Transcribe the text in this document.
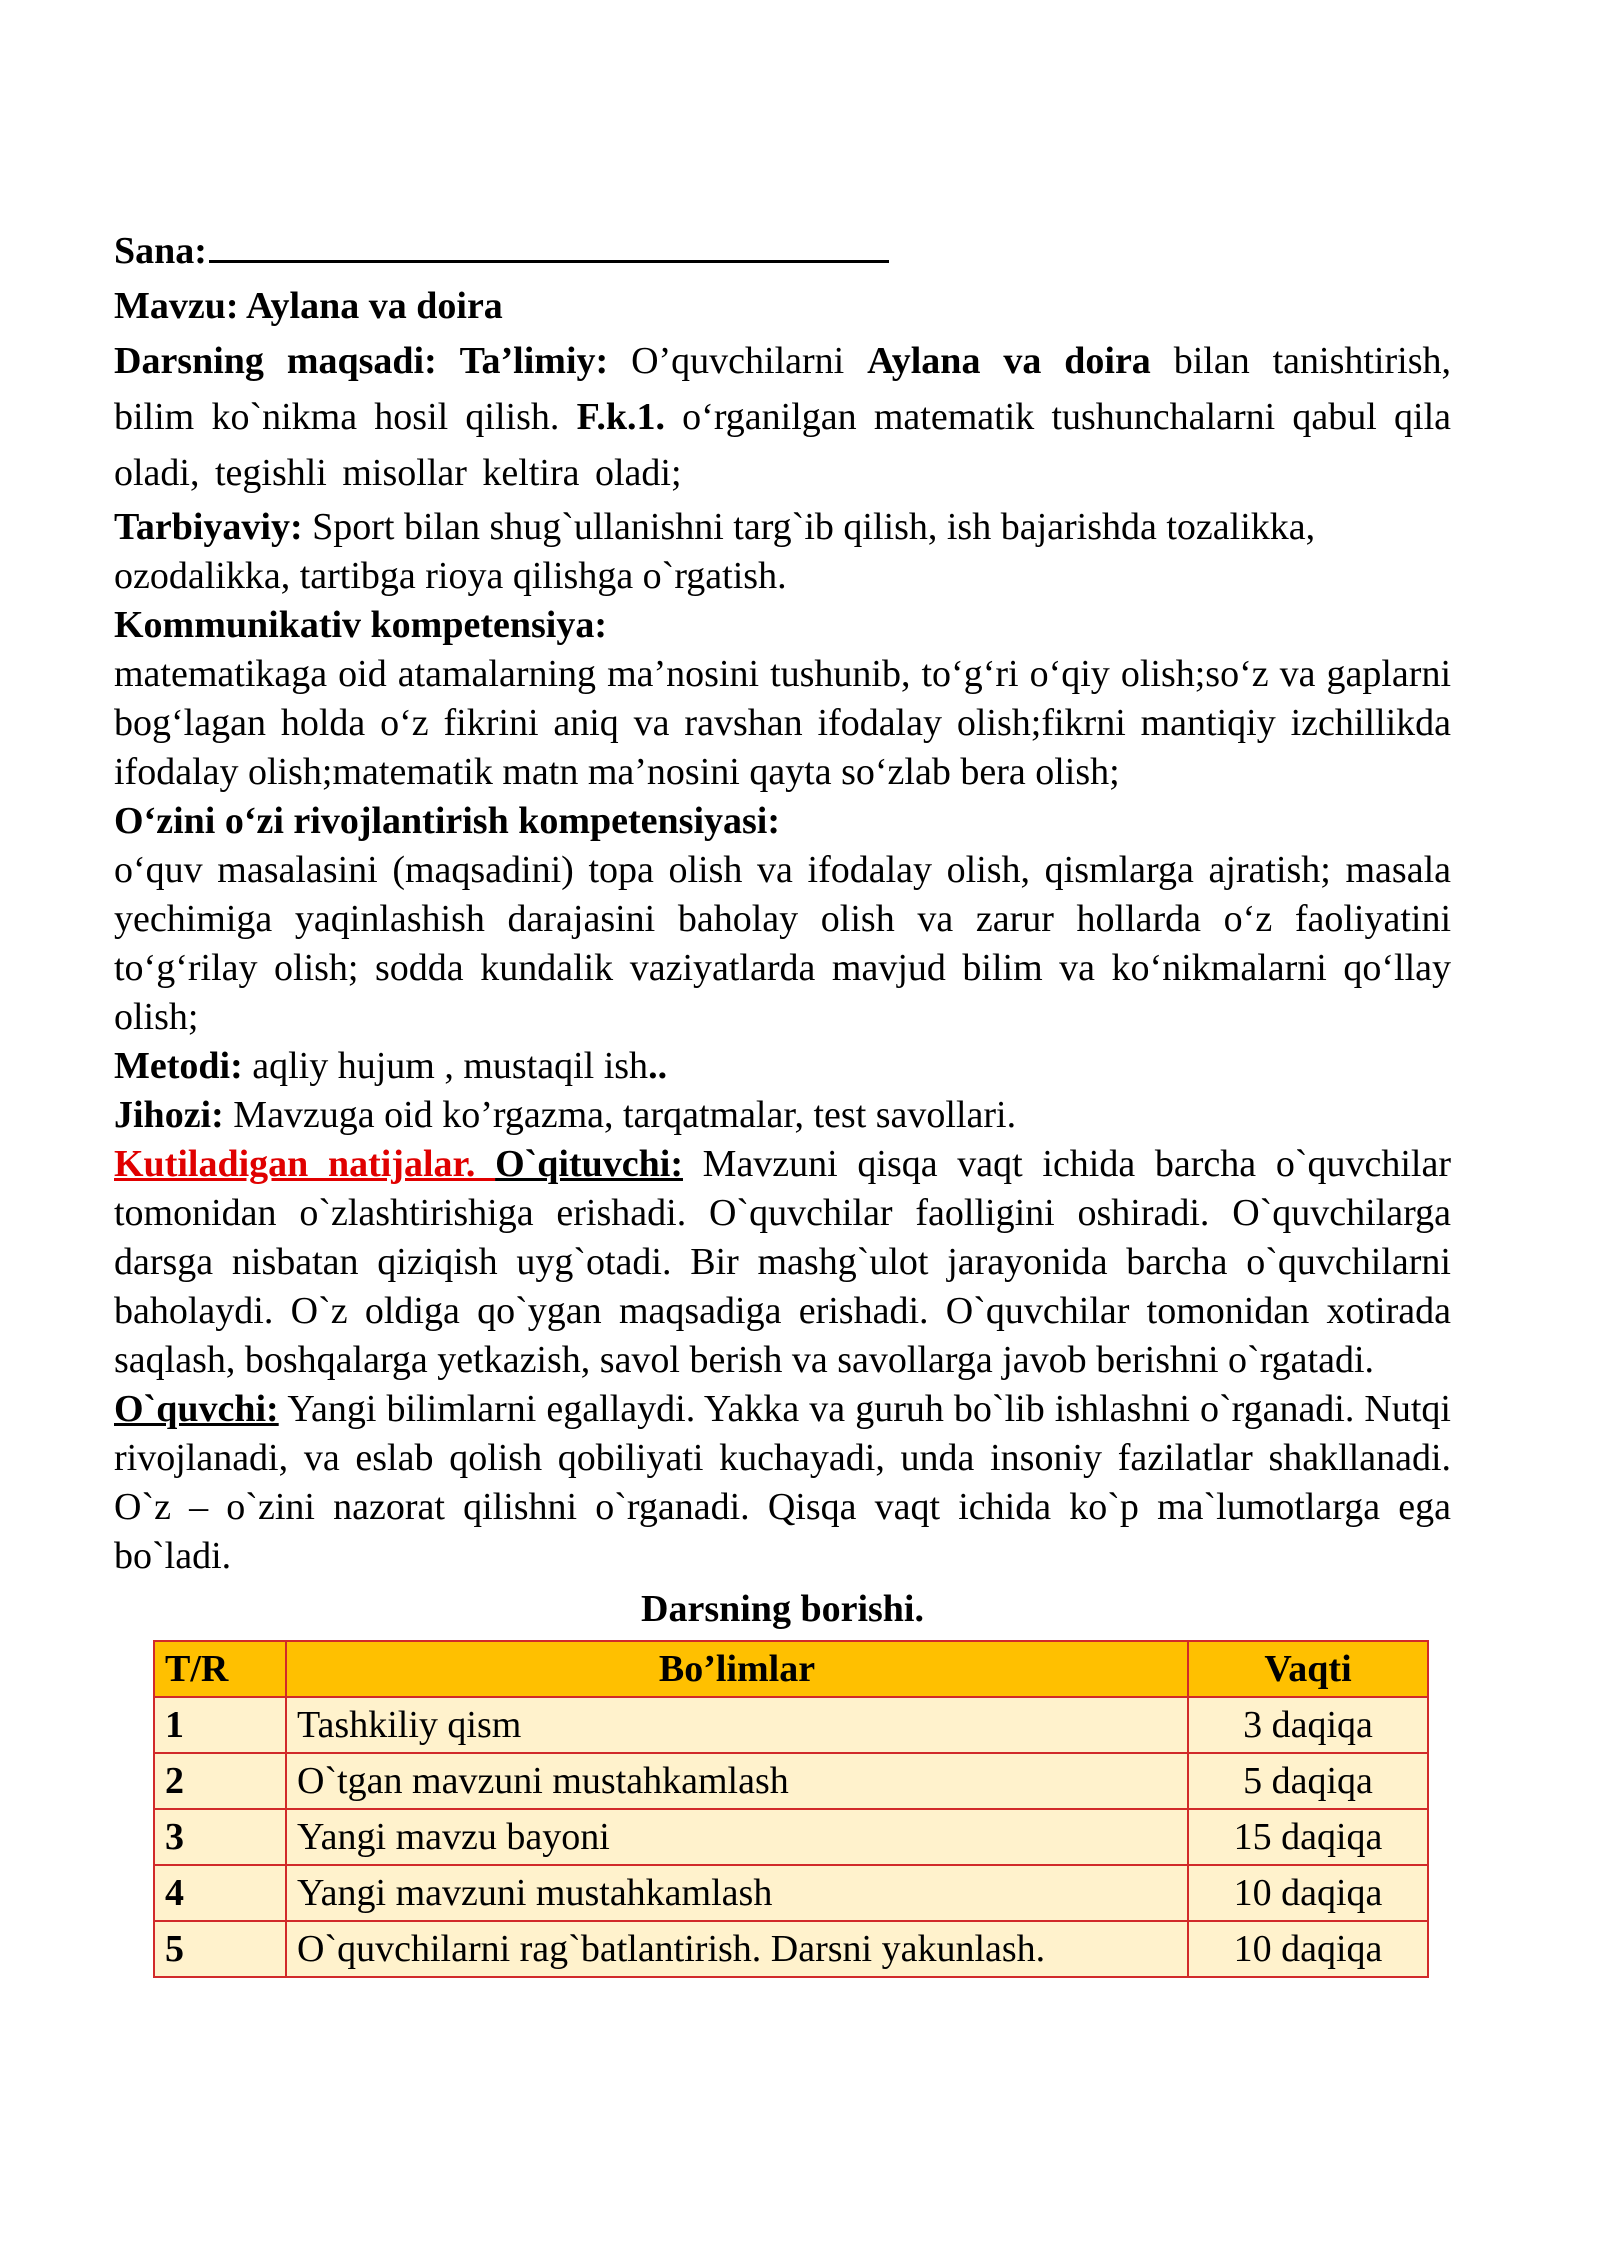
Sana:

Mavzu: Aylana va doira

Darsning maqsadi: Ta’limiy: O’quvchilarni Aylana va doira bilan tanishtirish, bilim ko`nikma hosil qilish. F.k.1. o‘rganilgan matematik tushunchalarni qabul qila oladi, tegishli misollar keltira oladi;

Tarbiyaviy: Sport bilan shug`ullanishni targ`ib qilish, ish bajarishda tozalikka, ozodalikka, tartibga rioya qilishga o`rgatish.

Kommunikativ kompetensiya:

matematikaga oid atamalarning ma’nosini tushunib, to‘g‘ri o‘qiy olish;so‘z va gaplarni bog‘lagan holda o‘z fikrini aniq va ravshan ifodalay olish;fikrni mantiqiy izchillikda ifodalay olish;matematik matn ma’nosini qayta so‘zlab bera olish;

O‘zini o‘zi rivojlantirish kompetensiyasi:

o‘quv masalasini (maqsadini) topa olish va ifodalay olish, qismlarga ajratish; masala yechimiga yaqinlashish darajasini baholay olish va zarur hollarda o‘z faoliyatini to‘g‘rilay olish; sodda kundalik vaziyatlarda mavjud bilim va ko‘nikmalarni qo‘llay olish;

Metodi: aqliy hujum , mustaqil ish..

Jihozi: Mavzuga oid ko’rgazma, tarqatmalar, test savollari.

Kutiladigan natijalar. O`qituvchi: Mavzuni qisqa vaqt ichida barcha o`quvchilar tomonidan o`zlashtirishiga erishadi. O`quvchilar faolligini oshiradi. O`quvchilarga darsga nisbatan qiziqish uyg`otadi. Bir mashg`ulot jarayonida barcha o`quvchilarni baholaydi. O`z oldiga qo`ygan maqsadiga erishadi. O`quvchilar tomonidan xotirada saqlash, boshqalarga yetkazish, savol berish va savollarga javob berishni o`rgatadi.

O`quvchi: Yangi bilimlarni egallaydi. Yakka va guruh bo`lib ishlashni o`rganadi. Nutqi rivojlanadi, va eslab qolish qobiliyati kuchayadi, unda insoniy fazilatlar shakllanadi. O`z – o`zini nazorat qilishni o`rganadi. Qisqa vaqt ichida ko`p ma`lumotlarga ega bo`ladi.

Darsning borishi.

T/R	Bo’limlar	Vaqti
1	Tashkiliy qism	3 daqiqa
2	O`tgan mavzuni mustahkamlash	5 daqiqa
3	Yangi mavzu bayoni	15 daqiqa
4	Yangi mavzuni mustahkamlash	10 daqiqa
5	O`quvchilarni rag`batlantirish. Darsni yakunlash.	10 daqiqa
